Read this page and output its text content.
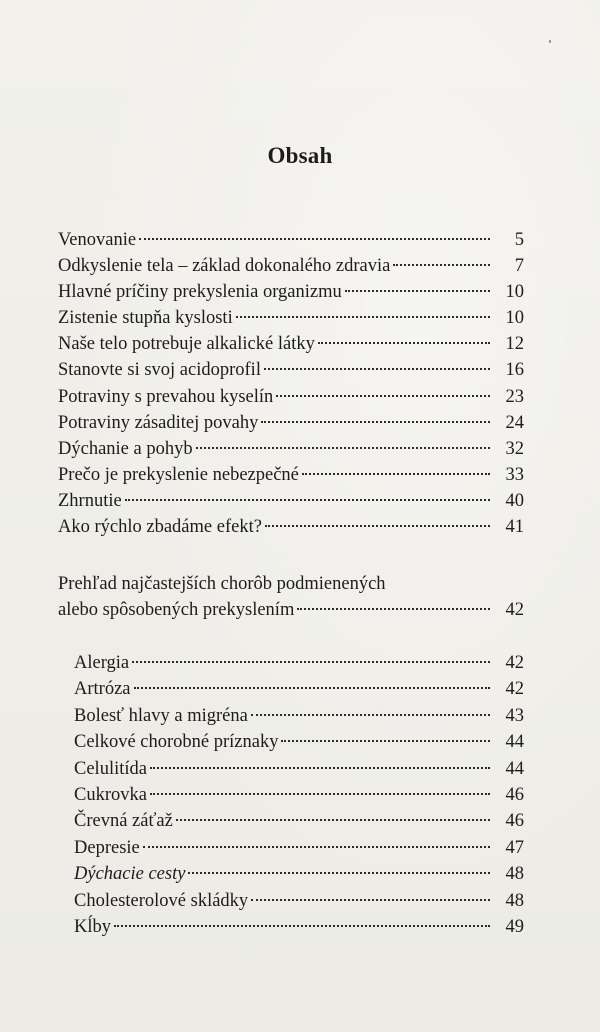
Obsah
Venovanie	5
Odkyslenie tela – základ dokonalého zdravia	7
Hlavné príčiny prekyslenia organizmu	10
Zistenie stupňa kyslosti	10
Naše telo potrebuje alkalické látky	12
Stanovte si svoj acidoprofil	16
Potraviny s prevahou kyselín	23
Potraviny zásaditej povahy	24
Dýchanie a pohyb	32
Prečo je prekyslenie nebezpečné	33
Zhrnutie	40
Ako rýchlo zbadáme efekt?	41
Prehľad najčastejších chorôb podmienených
alebo spôsobených prekyslením	42
Alergia	42
Artróza	42
Bolesť hlavy a migréna	43
Celkové chorobné príznaky	44
Celulitída	44
Cukrovka	46
Črevná záťaž	46
Depresie	47
Dýchacie cesty	48
Cholesterolové skládky	48
Kĺby	49
